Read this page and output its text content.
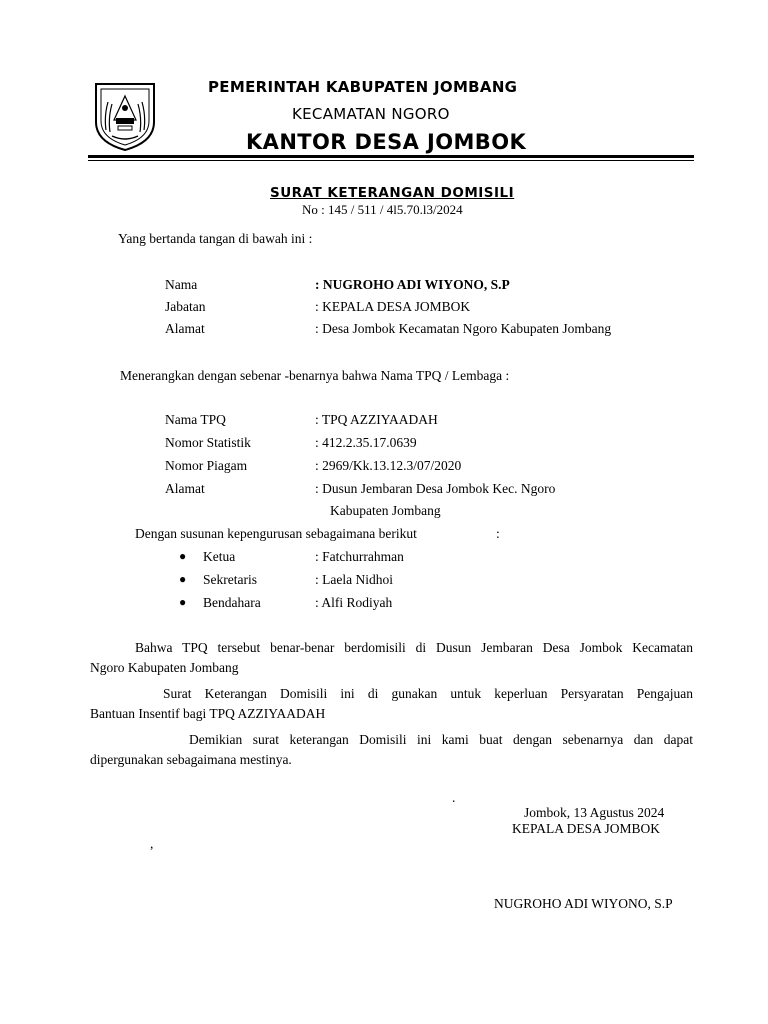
PEMERINTAH KABUPATEN JOMBANG
KECAMATAN NGORO
KANTOR DESA JOMBOK
SURAT KETERANGAN DOMISILI
No : 145 / 511 / 4l5.70.l3/2024
Yang bertanda tangan di bawah ini :
Nama	: NUGROHO ADI WIYONO, S.P
Jabatan	: KEPALA DESA JOMBOK
Alamat	: Desa Jombok Kecamatan Ngoro Kabupaten Jombang
Menerangkan dengan sebenar -benarnya bahwa Nama TPQ / Lembaga :
Nama TPQ	: TPQ AZZIYAADAH
Nomor Statistik	: 412.2.35.17.0639
Nomor Piagam	: 2969/Kk.13.12.3/07/2020
Alamat	: Dusun Jembaran Desa Jombok Kec. Ngoro
Kabupaten Jombang
Dengan susunan kepengurusan sebagaimana berikut	:
● Ketua	: Fatchurrahman
● Sekretaris	: Laela Nidhoi
● Bendahara	: Alfi Rodiyah
Bahwa TPQ tersebut benar-benar berdomisili di Dusun Jembaran Desa Jombok Kecamatan
Ngoro Kabupaten Jombang
Surat Keterangan Domisili ini di gunakan untuk keperluan Persyaratan Pengajuan
Bantuan Insentif bagi TPQ AZZIYAADAH
Demikian surat keterangan Domisili ini kami buat dengan sebenarnya dan dapat
dipergunakan sebagaimana mestinya.
.
,
Jombok, 13 Agustus 2024
KEPALA DESA JOMBOK
NUGROHO ADI WIYONO, S.P
